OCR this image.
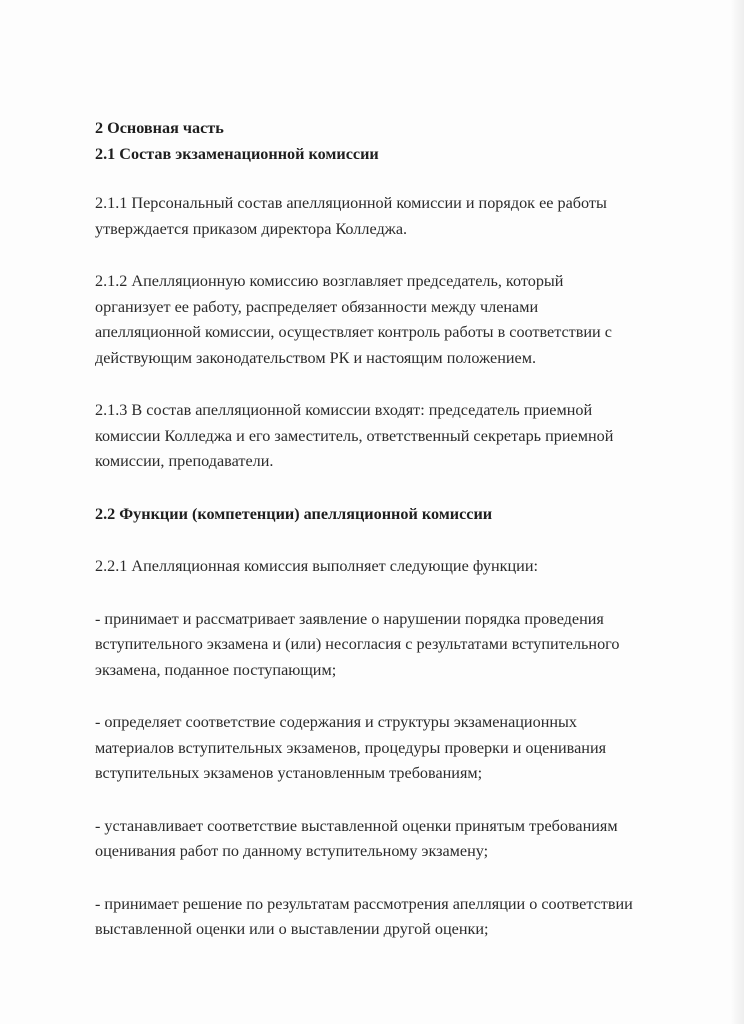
2 Основная часть
2.1 Состав экзаменационной комиссии
2.1.1 Персональный состав апелляционной комиссии и порядок ее работы
утверждается приказом директора Колледжа.
2.1.2 Апелляционную комиссию возглавляет председатель, который
организует ее работу, распределяет обязанности между членами
апелляционной комиссии, осуществляет контроль работы в соответствии с
действующим законодательством РК и настоящим положением.
2.1.3 В состав апелляционной комиссии входят: председатель приемной
комиссии Колледжа и его заместитель, ответственный секретарь приемной
комиссии, преподаватели.
2.2 Функции (компетенции) апелляционной комиссии
2.2.1 Апелляционная комиссия выполняет следующие функции:
- принимает и рассматривает заявление о нарушении порядка проведения
вступительного экзамена и (или) несогласия с результатами вступительного
экзамена, поданное поступающим;
- определяет соответствие содержания и структуры экзаменационных
материалов вступительных экзаменов, процедуры проверки и оценивания
вступительных экзаменов установленным требованиям;
- устанавливает соответствие выставленной оценки принятым требованиям
оценивания работ по данному вступительному экзамену;
- принимает решение по результатам рассмотрения апелляции о соответствии
выставленной оценки или о выставлении другой оценки;
